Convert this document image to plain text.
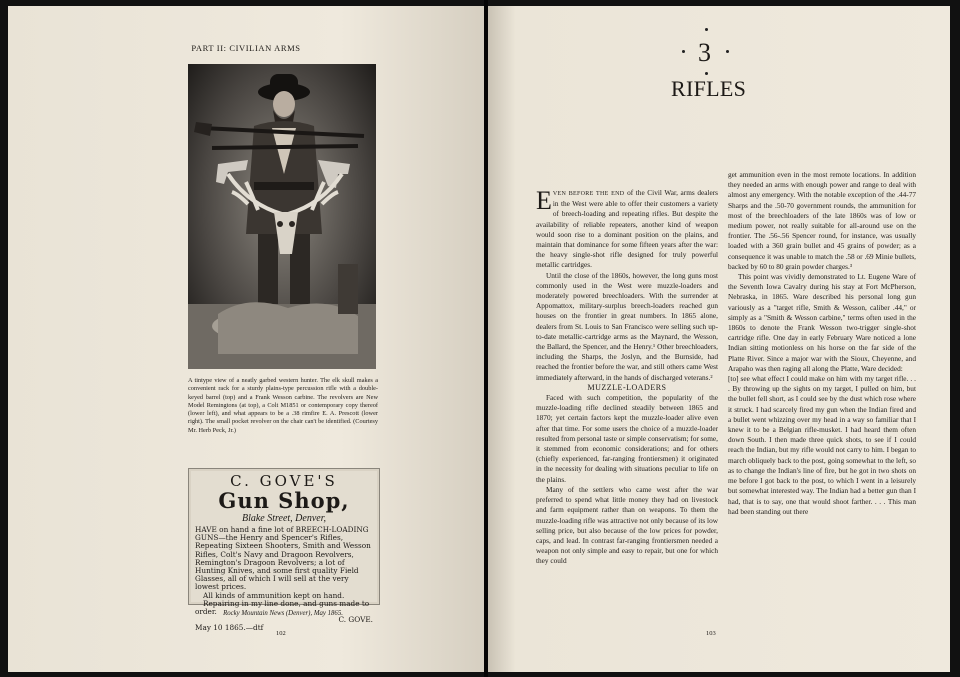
PART II: CIVILIAN ARMS
A tintype view of a neatly garbed western hunter. The elk skull makes a convenient rack for a sturdy plains-type percussion rifle with a double-keyed barrel (top) and a Frank Wesson carbine. The revolvers are New Model Remingtons (at top), a Colt M1851 or contemporary copy thereof (lower left), and what appears to be a .38 rimfire E. A. Prescott (lower right). The small pocket revolver on the chair can't be identified. (Courtesy Mr. Herb Peck, Jr.)
C. GOVE'S
Gun Shop,
Blake Street, Denver,

HAVE on hand a fine lot of BREECH-LOADING GUNS—the Henry and Spencer's Rifles, Repeating Sixteen Shooters, Smith and Wesson Rifles, Colt's Navy and Dragoon Revolvers, Remington's Dragoon Revolvers; a lot of Hunting Knives, and some first quality Field Glasses, all of which I will sell at the very lowest prices.

All kinds of ammunition kept on hand.

Repairing in my line done, and guns made to order.

C. GOVE.

May 10 1865.—dtf

Rocky Mountain News (Denver), May 1865.
102
3
RIFLES

EVEN BEFORE THE END of the Civil War, arms dealers in the West were able to offer their customers a variety of breech-loading and repeating rifles. But despite the availability of reliable repeaters, another kind of weapon would soon rise to a dominant position on the plains, and maintain that dominance for some fifteen years after the war: the heavy single-shot rifle designed for truly powerful metallic cartridges.

Until the close of the 1860s, however, the long guns most commonly used in the West were muzzle-loaders and moderately powered breechloaders. With the surrender at Appomattox, military-surplus breech-loaders reached gun houses on the frontier in great numbers. In 1865 alone, dealers from St. Louis to San Francisco were selling such up-to-date metallic-cartridge arms as the Maynard, the Wesson, the Ballard, the Spencer, and the Henry.¹ Other breechloaders, including the Sharps, the Joslyn, and the Burnside, had reached the frontier before the war, and still others came West immediately afterward, in the hands of discharged veterans.²

MUZZLE-LOADERS

Faced with such competition, the popularity of the muzzle-loading rifle declined steadily between 1865 and 1870; yet certain factors kept the muzzle-loader alive even after that time. For some users the choice of a muzzle-loader resulted from personal taste or simple conservatism; for some, it stemmed from economic considerations; and for others (chiefly experienced, far-ranging frontiersmen) it originated in the necessity for dealing with situations peculiar to life on the plains.

Many of the settlers who came west after the war preferred to spend what little money they had on livestock and farm equipment rather than on weapons. To them the muzzle-loading rifle was attractive not only because of its low selling price, but also because of the low prices for powder, caps, and lead. In contrast far-ranging frontiersmen needed a weapon not only simple and easy to repair, but one for which they could

get ammunition even in the most remote locations. In addition they needed an arms with enough power and range to deal with almost any emergency. With the notable exception of the .44-77 Sharps and the .50-70 government rounds, the ammunition for most of the breechloaders of the late 1860s was of low or medium power, not really suitable for all-around use on the frontier. The .56-.56 Spencer round, for instance, was usually loaded with a 360 grain bullet and 45 grains of powder; as a consequence it was unable to match the .58 or .69 Minie bullets, backed by 60 to 80 grain powder charges.³

This point was vividly demonstrated to Lt. Eugene Ware of the Seventh Iowa Cavalry during his stay at Fort McPherson, Nebraska, in 1865. Ware described his personal long gun variously as a "target rifle, Smith & Wesson, caliber .44," or simply as a "Smith & Wesson carbine," terms often used in the 1860s to denote the Frank Wesson two-trigger single-shot cartridge rifle. One day in early February Ware noticed a lone Indian sitting motionless on his horse on the far side of the Platte River. Since a major war with the Sioux, Cheyenne, and Arapaho was then raging all along the Platte, Ware decided:

[to] see what effect I could make on him with my target rifle. . . . By throwing up the sights on my target, I pulled on him, but the bullet fell short, as I could see by the dust which rose where it struck. I had scarcely fired my gun when the Indian fired and a bullet went whizzing over my head in a way so familiar that I knew it to be a Belgian rifle-musket. I had heard them often down South. I then made three quick shots, to see if I could reach the Indian, but my rifle would not carry to him. I began to march obliquely back to the post, going somewhat to the left, so as to change the Indian's line of fire, but he got in two shots on me before I got back to the post, to which I went in a leisurely but somewhat interested way. The Indian had a better gun than I had, that is to say, one that would shoot farther. . . . This man had been standing out there

103
